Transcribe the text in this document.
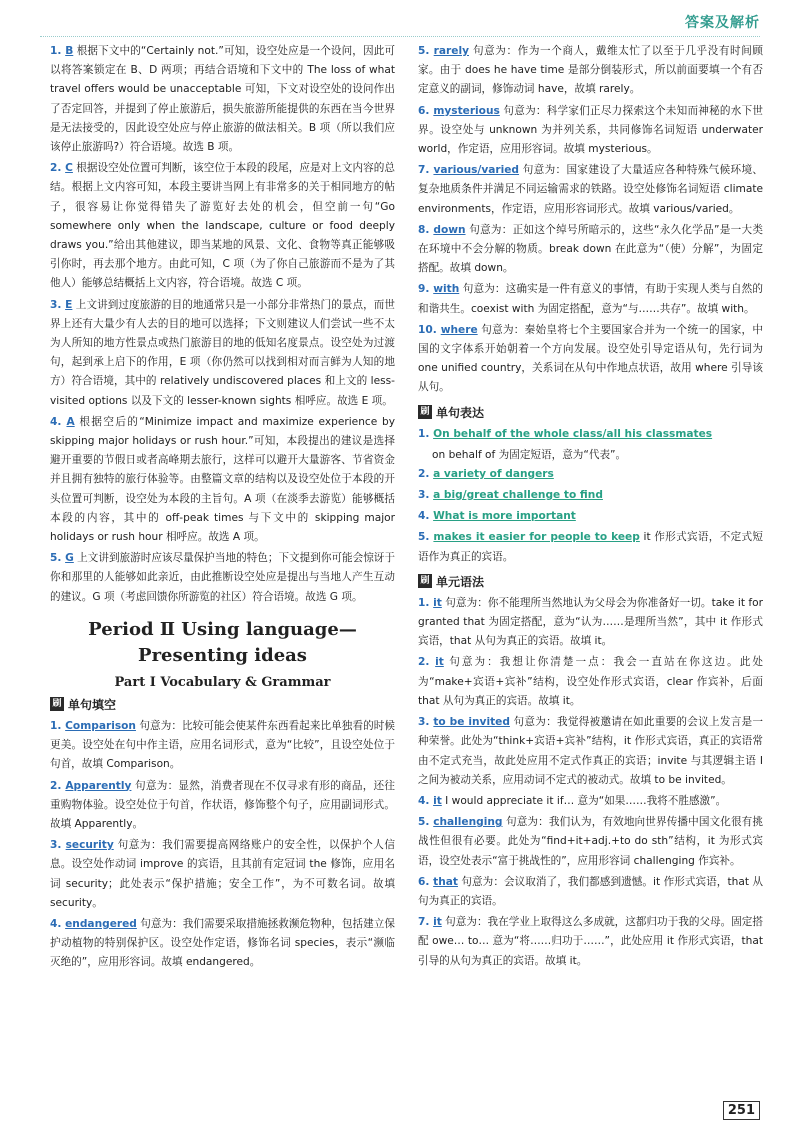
答案及解析
1. B 根据下文中的“Certainly not.”可知，设空处应是一个设问，因此可以将答案锁定在 B、D 两项；再结合语境和下文中的 The loss of what travel offers would be unacceptable 可知，下文对设空处的设问作出了否定回答，并提到了停止旅游后，损失旅游所能提供的东西在当今世界是无法接受的，因此设空处应与停止旅游的做法相关。B 项（所以我们应该停止旅游吗?）符合语境。故选 B 项。
2. C 根据设空处位置可判断，该空位于本段的段尾，应是对上文内容的总结。根据上文内容可知，本段主要讲当网上有非常多的关于相同地方的帖子，很容易让你觉得错失了游览好去处的机会，但空前一句“Go somewhere only when the landscape, culture or food deeply draws you.”给出其他建议，即当某地的风景、文化、食物等真正能够吸引你时，再去那个地方。由此可知，C 项（为了你自己旅游而不是为了其他人）能够总结概括上文内容，符合语境。故选 C 项。
3. E 上文讲到过度旅游的目的地通常只是一小部分非常热门的景点，而世界上还有大量少有人去的目的地可以选择；下文则建议人们尝试一些不太为人所知的地方性景点或热门旅游目的地的低知名度景点。设空处为过渡句，起到承上启下的作用，E 项（你仍然可以找到相对而言鲜为人知的地方）符合语境，其中的 relatively undiscovered places 和上文的 less-visited options 以及下文的 lesser-known sights 相呼应。故选 E 项。
4. A 根据空后的“Minimize impact and maximize experience by skipping major holidays or rush hour.”可知，本段提出的建议是选择避开重要的节假日或者高峰期去旅行，这样可以避开大量游客、节省资金并且拥有独特的旅行体验等。由整篇文章的结构以及设空处位于本段的开头位置可判断，设空处为本段的主旨句。A 项（在淡季去游览）能够概括本段的内容，其中的 off-peak times 与下文中的 skipping major holidays or rush hour 相呼应。故选 A 项。
5. G 上文讲到旅游时应该尽量保护当地的特色；下文提到你可能会惊讶于你和那里的人能够如此亲近，由此推断设空处应是提出与当地人产生互动的建议。G 项（考虑回馈你所游览的社区）符合语境。故选 G 项。
Period Ⅱ Using language—
Presenting ideas
Part Ⅰ Vocabulary & Grammar
刷 单句填空
1. Comparison 句意为：比较可能会使某件东西看起来比单独看的时候更美。设空处在句中作主语，应用名词形式，意为“比较”，且设空处位于句首，故填 Comparison。
2. Apparently 句意为：显然，消费者现在不仅寻求有形的商品，还往重购物体验。设空处位于句首，作状语，修饰整个句子，应用副词形式。故填 Apparently。
3. security 句意为：我们需要提高网络账户的安全性，以保护个人信息。设空处作动词 improve 的宾语，且其前有定冠词 the 修饰，应用名词 security；此处表示“保护措施；安全工作”，为不可数名词。故填 security。
4. endangered 句意为：我们需要采取措施拯救濒危物种，包括建立保护动植物的特别保护区。设空处作定语，修饰名词 species，表示“濒临灭绝的”，应用形容词。故填 endangered。
5. rarely 句意为：作为一个商人，戴维太忙了以至于几乎没有时间顾家。由于 does he have time 是部分倒装形式，所以前面要填一个有否定意义的副词，修饰动词 have，故填 rarely。
6. mysterious 句意为：科学家们正尽力探索这个未知而神秘的水下世界。设空处与 unknown 为并列关系，共同修饰名词短语 underwater world，作定语，应用形容词。故填 mysterious。
7. various/varied 句意为：国家建设了大量适应各种特殊气候环境、复杂地质条件并满足不同运输需求的铁路。设空处修饰名词短语 climate environments，作定语，应用形容词形式。故填 various/varied。
8. down 句意为：正如这个绰号所暗示的，这些“永久化学品”是一大类在环境中不会分解的物质。break down 在此意为“（使）分解”，为固定搭配。故填 down。
9. with 句意为：这确实是一件有意义的事情，有助于实现人类与自然的和谐共生。coexist with 为固定搭配，意为“与……共存”。故填 with。
10. where 句意为：秦始皇将七个主要国家合并为一个统一的国家，中国的文字体系开始朝着一个方向发展。设空处引导定语从句，先行词为 one unified country，关系词在从句中作地点状语，故用 where 引导该从句。
刷 单句表达
1. On behalf of the whole class/all his classmates
on behalf of 为固定短语，意为“代表”。
2. a variety of dangers
3. a big/great challenge to find
4. What is more important
5. makes it easier for people to keep it 作形式宾语，不定式短语作为真正的宾语。
刷 单元语法
1. it 句意为：你不能理所当然地认为父母会为你准备好一切。take it for granted that 为固定搭配，意为“认为……是理所当然”，其中 it 作形式宾语，that 从句为真正的宾语。故填 it。
2. it 句意为：我想让你清楚一点：我会一直站在你这边。此处为“make+宾语+宾补”结构，设空处作形式宾语，clear 作宾补，后面 that 从句为真正的宾语。故填 it。
3. to be invited 句意为：我觉得被邀请在如此重要的会议上发言是一种荣誉。此处为“think+宾语+宾补”结构，it 作形式宾语，真正的宾语常由不定式充当，故此处应用不定式作真正的宾语；invite 与其逻辑主语 I 之间为被动关系，应用动词不定式的被动式。故填 to be invited。
4. it I would appreciate it if… 意为“如果……我将不胜感激”。
5. challenging 句意为：我们认为，有效地向世界传播中国文化很有挑战性但很有必要。此处为“find+it+adj.+to do sth”结构，it 为形式宾语，设空处表示“富于挑战性的”，应用形容词 challenging 作宾补。
6. that 句意为：会议取消了，我们都感到遗憾。it 作形式宾语，that 从句为真正的宾语。
7. it 句意为：我在学业上取得这么多成就，这都归功于我的父母。固定搭配 owe… to… 意为“将……归功于……”，此处应用 it 作形式宾语，that 引导的从句为真正的宾语。故填 it。
251
